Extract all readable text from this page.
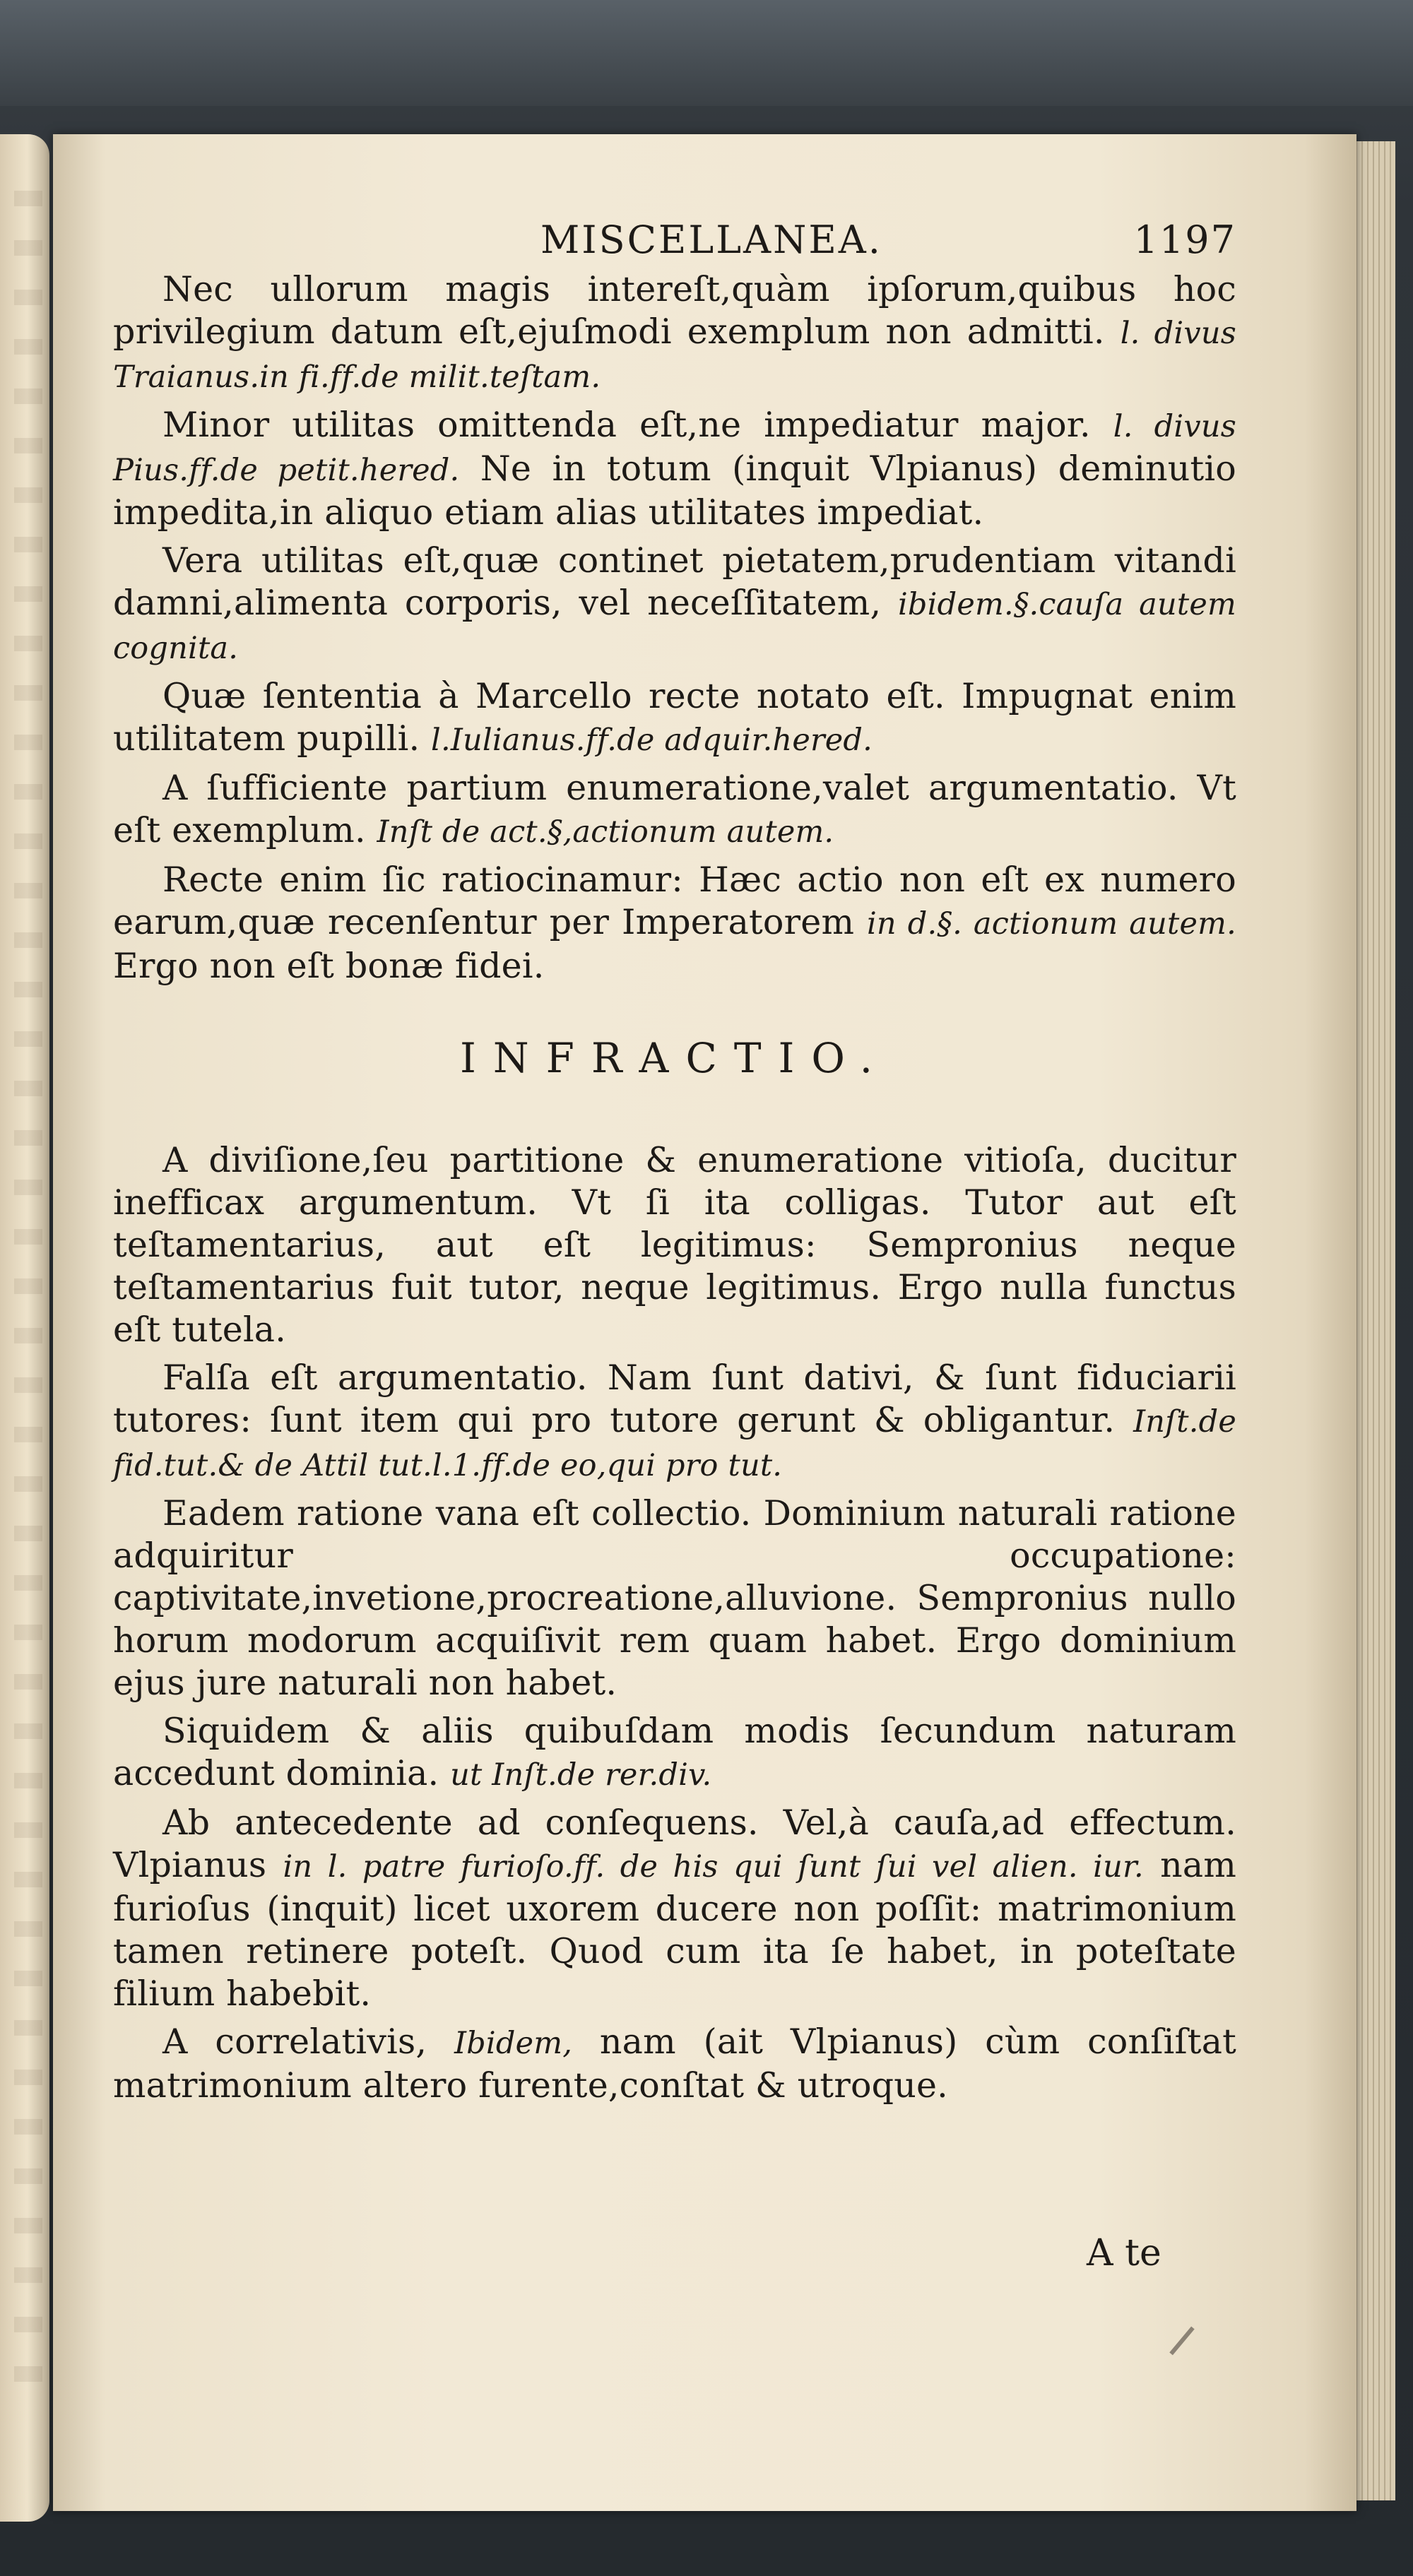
MISCELLANEA.	1197

Nec ullorum magis intereſt,quàm ipſorum,quibus hoc privilegium datum eſt,ejuſmodi exemplum non admitti. l. divus Traianus.in fi.ff.de milit.teſtam.

Minor utilitas omittenda eſt,ne impediatur major. l. divus Pius.ff.de petit.hered. Ne in totum (inquit Vlpianus) deminutio impedita,in aliquo etiam alias utilitates impediat.

Vera utilitas eſt,quæ continet pietatem,prudentiam vitandi damni,alimenta corporis, vel neceſſitatem, ibidem.§.cauſa autem cognita.

Quæ ſententia à Marcello recte notato eſt. Impugnat enim utilitatem pupilli. l.Iulianus.ff.de adquir.hered.

A ſufficiente partium enumeratione,valet argumentatio. Vt eſt exemplum. Inſt de act.§,actionum autem.

Recte enim ſic ratiocinamur: Hæc actio non eſt ex numero earum,quæ recenſentur per Imperatorem in d.§. actionum autem. Ergo non eſt bonæ fidei.

INFRACTIO.

A diviſione,ſeu partitione & enumeratione vitioſa, ducitur inefficax argumentum. Vt ſi ita colligas. Tutor aut eſt teſtamentarius, aut eſt legitimus: Sempronius neque teſtamentarius fuit tutor, neque legitimus. Ergo nulla functus eſt tutela.

Falſa eſt argumentatio. Nam ſunt dativi, & ſunt fiduciarii tutores: ſunt item qui pro tutore gerunt & obligantur. Inſt.de fid.tut.& de Attil tut.l.1.ff.de eo,qui pro tut.

Eadem ratione vana eſt collectio. Dominium naturali ratione adquiritur occupatione: captivitate,invetione,procreatione,alluvione. Sempronius nullo horum modorum acquiſivit rem quam habet. Ergo dominium ejus jure naturali non habet.

Siquidem & aliis quibuſdam modis ſecundum naturam accedunt dominia. ut Inſt.de rer.div.

Ab antecedente ad conſequens. Vel,à cauſa,ad effectum. Vlpianus in l. patre furioſo.ff. de his qui ſunt ſui vel alien. iur. nam furioſus (inquit) licet uxorem ducere non poſſit: matrimonium tamen retinere poteſt. Quod cum ita ſe habet, in poteſtate filium habebit.

A correlativis, Ibidem, nam (ait Vlpianus) cùm conſiſtat matrimonium altero furente,conſtat & utroque.

A te
